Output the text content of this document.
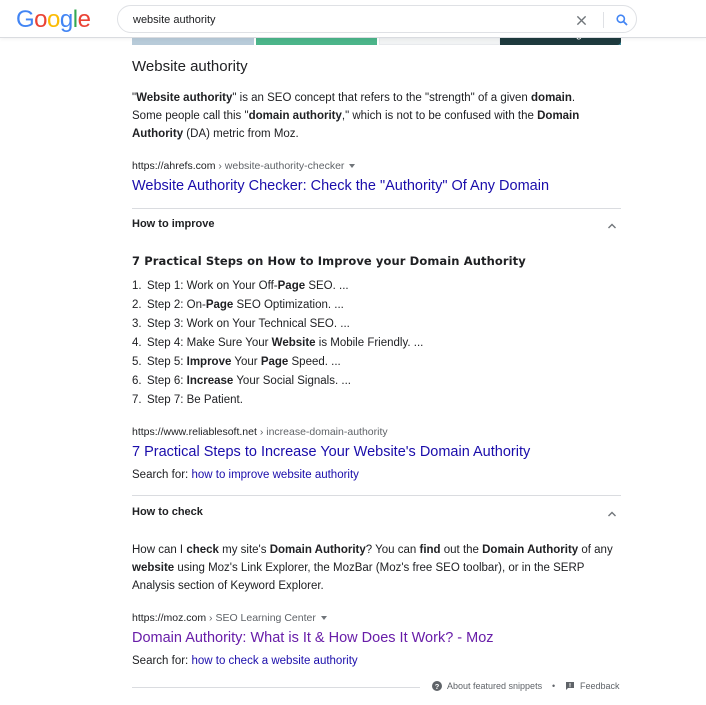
Google
website authority
Website authority
"Website authority" is an SEO concept that refers to the "strength" of a given domain. Some people call this "domain authority," which is not to be confused with the Domain Authority (DA) metric from Moz.
https://ahrefs.com › website-authority-checker
Website Authority Checker: Check the "Authority" Of Any Domain
How to improve
7 Practical Steps on How to Improve your Domain Authority
1. Step 1: Work on Your Off-Page SEO. ...
2. Step 2: On-Page SEO Optimization. ...
3. Step 3: Work on Your Technical SEO. ...
4. Step 4: Make Sure Your Website is Mobile Friendly. ...
5. Step 5: Improve Your Page Speed. ...
6. Step 6: Increase Your Social Signals. ...
7. Step 7: Be Patient.
https://www.reliablesoft.net › increase-domain-authority
7 Practical Steps to Increase Your Website's Domain Authority
Search for: how to improve website authority
How to check
How can I check my site's Domain Authority? You can find out the Domain Authority of any website using Moz's Link Explorer, the MozBar (Moz's free SEO toolbar), or in the SERP Analysis section of Keyword Explorer.
https://moz.com › SEO Learning Center
Domain Authority: What is It & How Does It Work? - Moz
Search for: how to check a website authority
? About featured snippets •	Feedback
